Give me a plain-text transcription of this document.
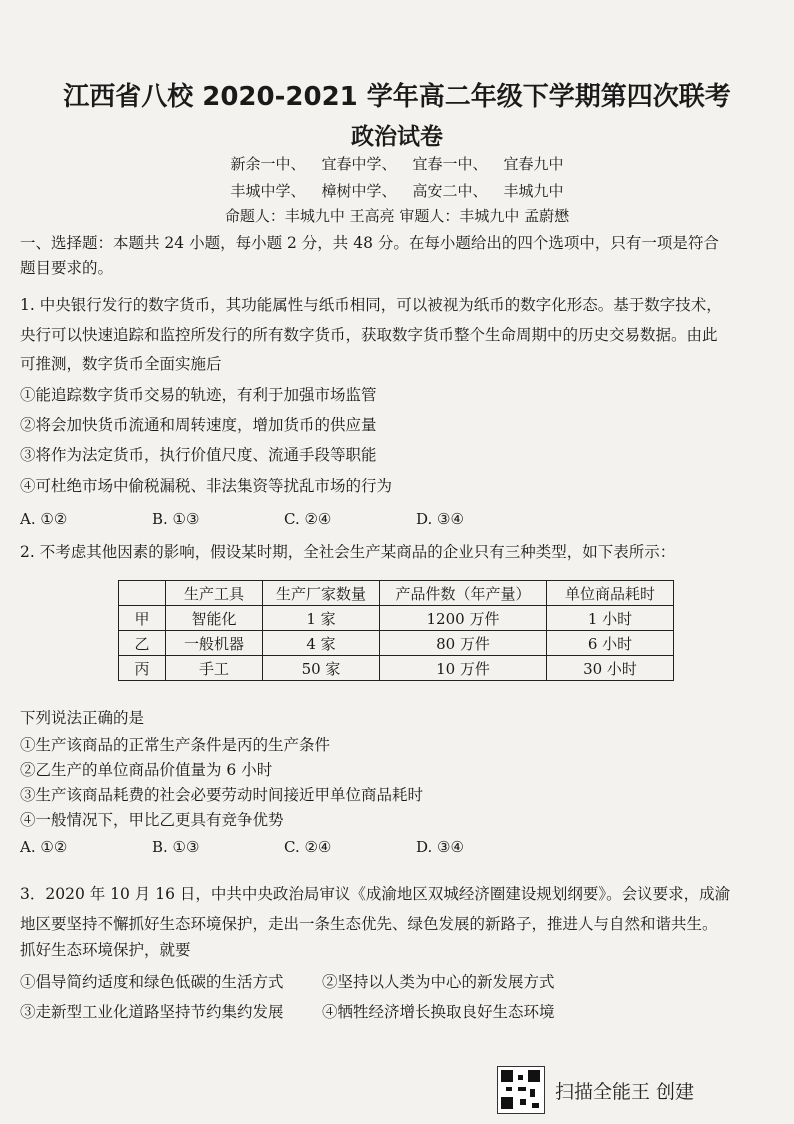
江西省八校 2020-2021 学年高二年级下学期第四次联考
政治试卷
新余一中、 宜春中学、 宜春一中、 宜春九中
丰城中学、 樟树中学、 高安二中、 丰城九中
命题人：丰城九中 王高亮 审题人：丰城九中 孟蔚懋
一、选择题：本题共 24 小题，每小题 2 分，共 48 分。在每小题给出的四个选项中，只有一项是符合
题目要求的。
1. 中央银行发行的数字货币，其功能属性与纸币相同，可以被视为纸币的数字化形态。基于数字技术，
央行可以快速追踪和监控所发行的所有数字货币，获取数字货币整个生命周期中的历史交易数据。由此
可推测，数字货币全面实施后
①能追踪数字货币交易的轨迹，有利于加强市场监管
②将会加快货币流通和周转速度，增加货币的供应量
③将作为法定货币，执行价值尺度、流通手段等职能
④可杜绝市场中偷税漏税、非法集资等扰乱市场的行为
A. ①②	B. ①③	C. ②④	D. ③④
2. 不考虑其他因素的影响，假设某时期，全社会生产某商品的企业只有三种类型，如下表所示：
	生产工具	生产厂家数量	产品件数（年产量）	单位商品耗时
甲	智能化	1 家	1200 万件	1 小时
乙	一般机器	4 家	80 万件	6 小时
丙	手工	50 家	10 万件	30 小时
下列说法正确的是
①生产该商品的正常生产条件是丙的生产条件
②乙生产的单位商品价值量为 6 小时
③生产该商品耗费的社会必要劳动时间接近甲单位商品耗时
④一般情况下，甲比乙更具有竞争优势
A. ①②	B. ①③	C. ②④	D. ③④
3．2020 年 10 月 16 日，中共中央政治局审议《成渝地区双城经济圈建设规划纲要》。会议要求，成渝
地区要坚持不懈抓好生态环境保护，走出一条生态优先、绿色发展的新路子，推进人与自然和谐共生。
抓好生态环境保护，就要
①倡导简约适度和绿色低碳的生活方式	②坚持以人类为中心的新发展方式
③走新型工业化道路坚持节约集约发展	④牺牲经济增长换取良好生态环境
扫描全能王 创建
